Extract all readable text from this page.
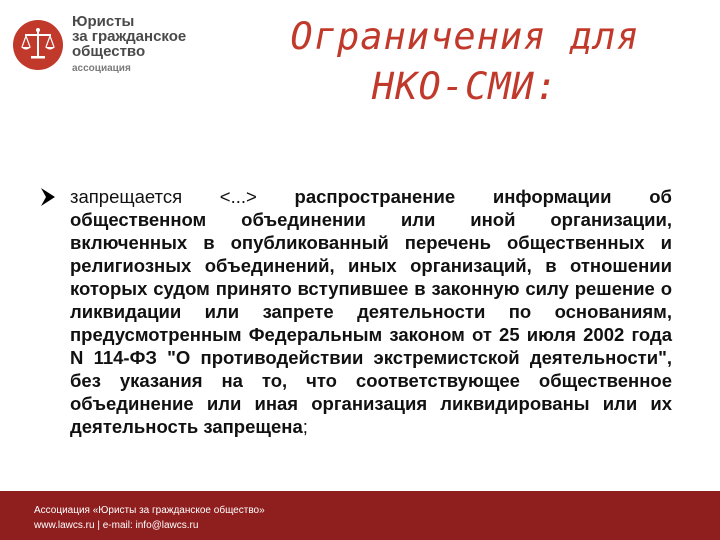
Юристы
за гражданское
общество
ассоциация
Ограничения для
НКО-СМИ:
запрещается <...> распространение информации об общественном объединении или иной организации, включенных в опубликованный перечень общественных и религиозных объединений, иных организаций, в отношении которых судом принято вступившее в законную силу решение о ликвидации или запрете деятельности по основаниям, предусмотренным Федеральным законом от 25 июля 2002 года N 114-ФЗ "О противодействии экстремистской деятельности", без указания на то, что соответствующее общественное объединение или иная организация ликвидированы или их деятельность запрещена;
Ассоциация «Юристы за гражданское общество»
www.lawcs.ru | e-mail: info@lawcs.ru
